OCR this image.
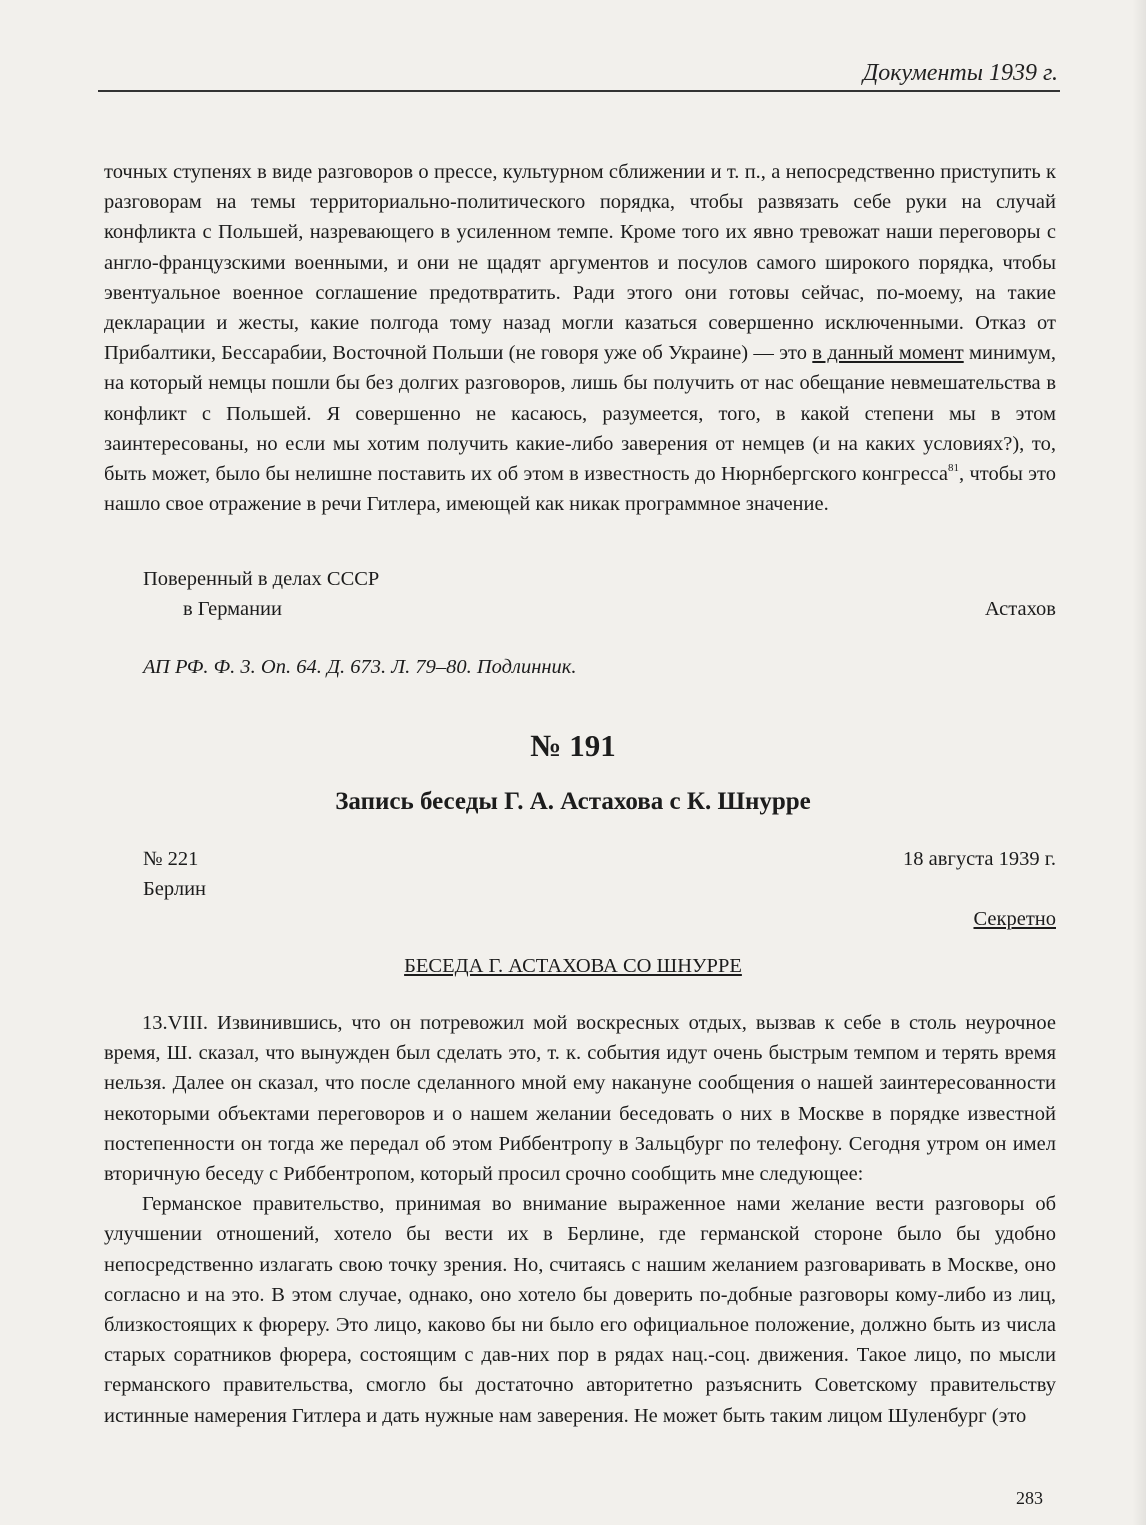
Документы 1939 г.

точных ступенях в виде разговоров о прессе, культурном сближении и т. п., а непосредственно приступить к разговорам на темы территориально-политического порядка, чтобы развязать себе руки на случай конфликта с Польшей, назревающего в усиленном темпе. Кроме того их явно тревожат наши переговоры с англо-французскими военными, и они не щадят аргументов и посулов самого широкого порядка, чтобы эвентуальное военное соглашение предотвратить. Ради этого они готовы сейчас, по-моему, на такие декларации и жесты, какие полгода тому назад могли казаться совершенно исключенными. Отказ от Прибалтики, Бессарабии, Восточной Польши (не говоря уже об Украине) — это в данный момент минимум, на который немцы пошли бы без долгих разговоров, лишь бы получить от нас обещание невмешательства в конфликт с Польшей. Я совершенно не касаюсь, разумеется, того, в какой степени мы в этом заинтересованы, но если мы хотим получить какие-либо заверения от немцев (и на каких условиях?), то, быть может, было бы нелишне поставить их об этом в известность до Нюрнбергского конгресса$^{81}$, чтобы это нашло свое отражение в речи Гитлера, имеющей как никак программное значение.

Поверенный в делах СССР
в Германии	Астахов
АП РФ. Ф. 3. Оп. 64. Д. 673. Л. 79–80. Подлинник.
№ 191
Запись беседы Г. А. Астахова с К. Шнурре
№ 221	18 августа 1939 г.
Берлин
Секретно
БЕСЕДА Г. АСТАХОВА СО ШНУРРЕ

13.VIII. Извинившись, что он потревожил мой воскресных отдых, вызвав к себе в столь неурочное время, Ш. сказал, что вынужден был сделать это, т. к. события идут очень быстрым темпом и терять время нельзя. Далее он сказал, что после сделанного мной ему накануне сообщения о нашей заинтересованности некоторыми объектами переговоров и о нашем желании беседовать о них в Москве в порядке известной постепенности он тогда же передал об этом Риббентропу в Зальцбург по телефону. Сегодня утром он имел вторичную беседу с Риббентропом, который просил срочно сообщить мне следующее:

Германское правительство, принимая во внимание выраженное нами желание вести разговоры об улучшении отношений, хотело бы вести их в Берлине, где германской стороне было бы удобно непосредственно излагать свою точку зрения. Но, считаясь с нашим желанием разговаривать в Москве, оно согласно и на это. В этом случае, однако, оно хотело бы доверить по-добные разговоры кому-либо из лиц, близкостоящих к фюреру. Это лицо, каково бы ни было его официальное положение, должно быть из числа старых соратников фюрера, состоящим с дав-них пор в рядах нац.-соц. движения. Такое лицо, по мысли германского правительства, смогло бы достаточно авторитетно разъяснить Советскому правительству истинные намерения Гитлера и дать нужные нам заверения. Не может быть таким лицом Шуленбург (это

283
